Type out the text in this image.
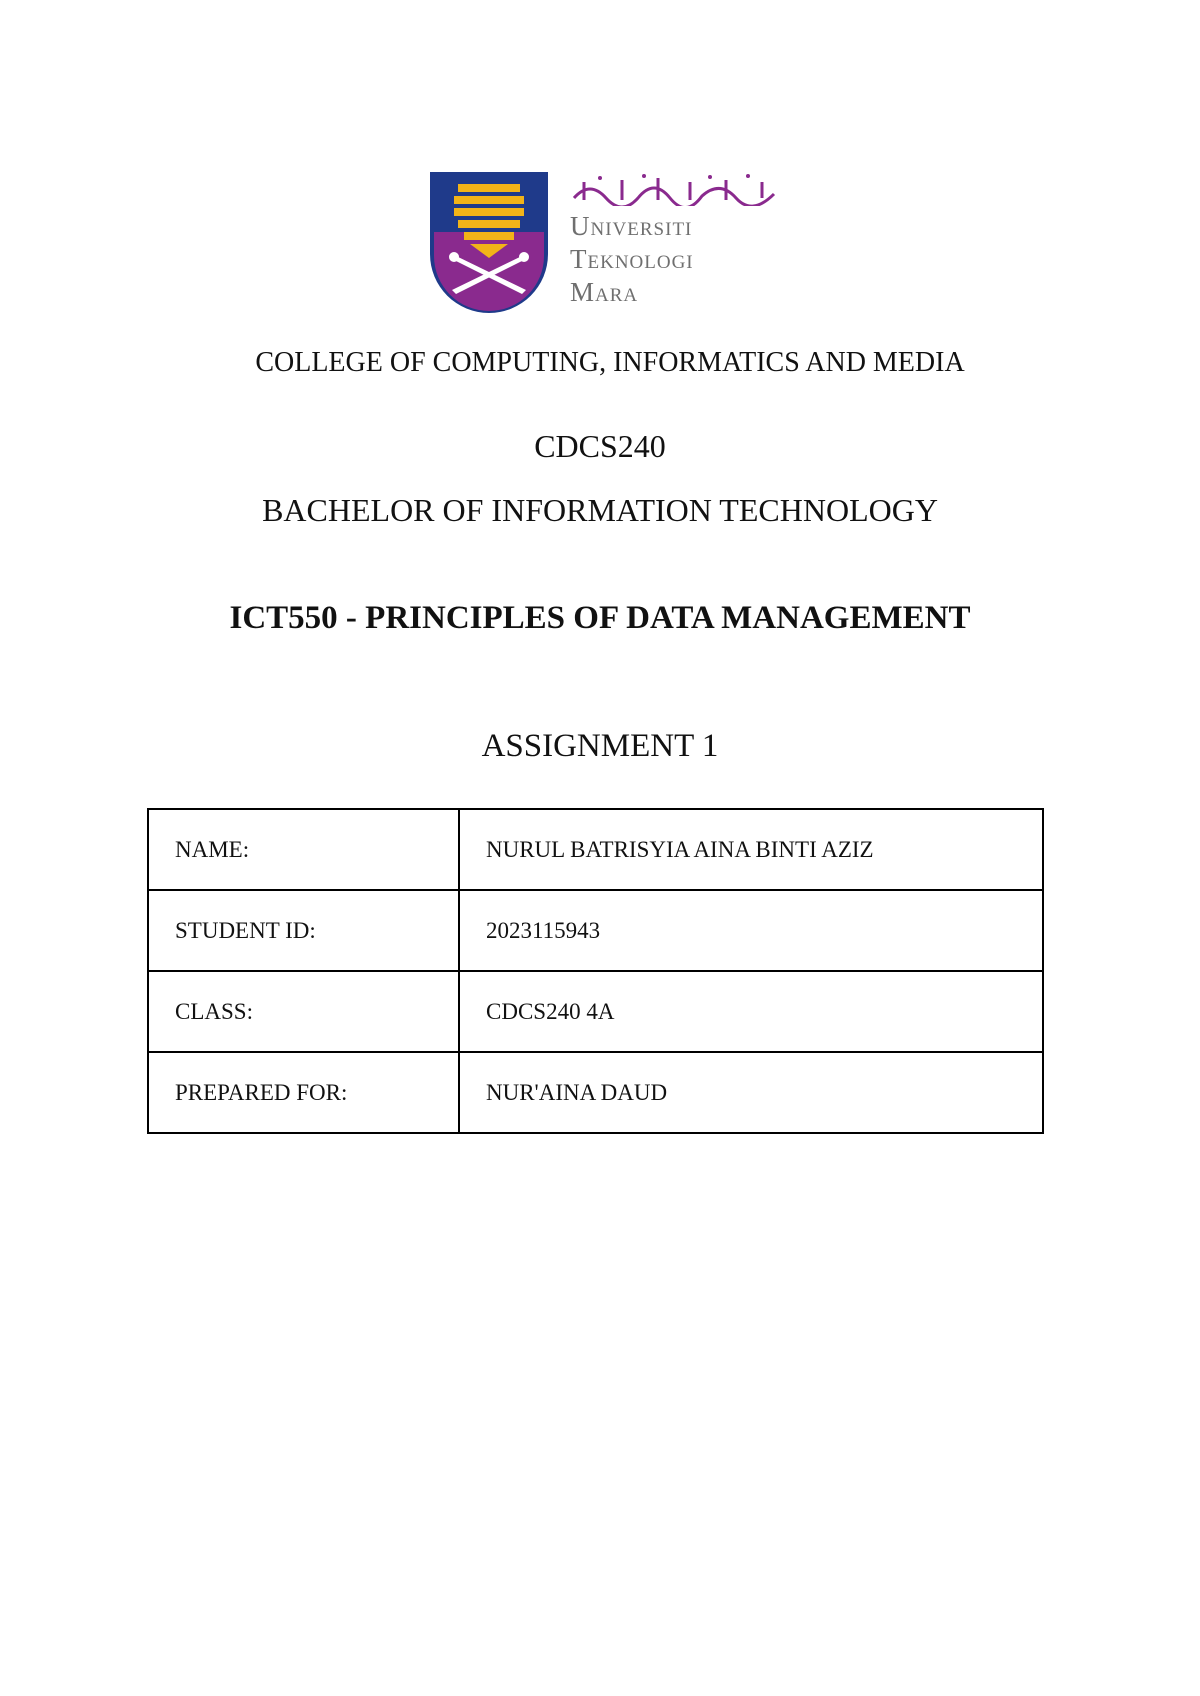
Universiti
Teknologi
Mara
COLLEGE OF COMPUTING, INFORMATICS AND MEDIA
CDCS240
BACHELOR OF INFORMATION TECHNOLOGY
ICT550 - PRINCIPLES OF DATA MANAGEMENT
ASSIGNMENT 1
NAME:	NURUL BATRISYIA AINA BINTI AZIZ
STUDENT ID:	2023115943
CLASS:	CDCS240 4A
PREPARED FOR:	NUR'AINA DAUD
